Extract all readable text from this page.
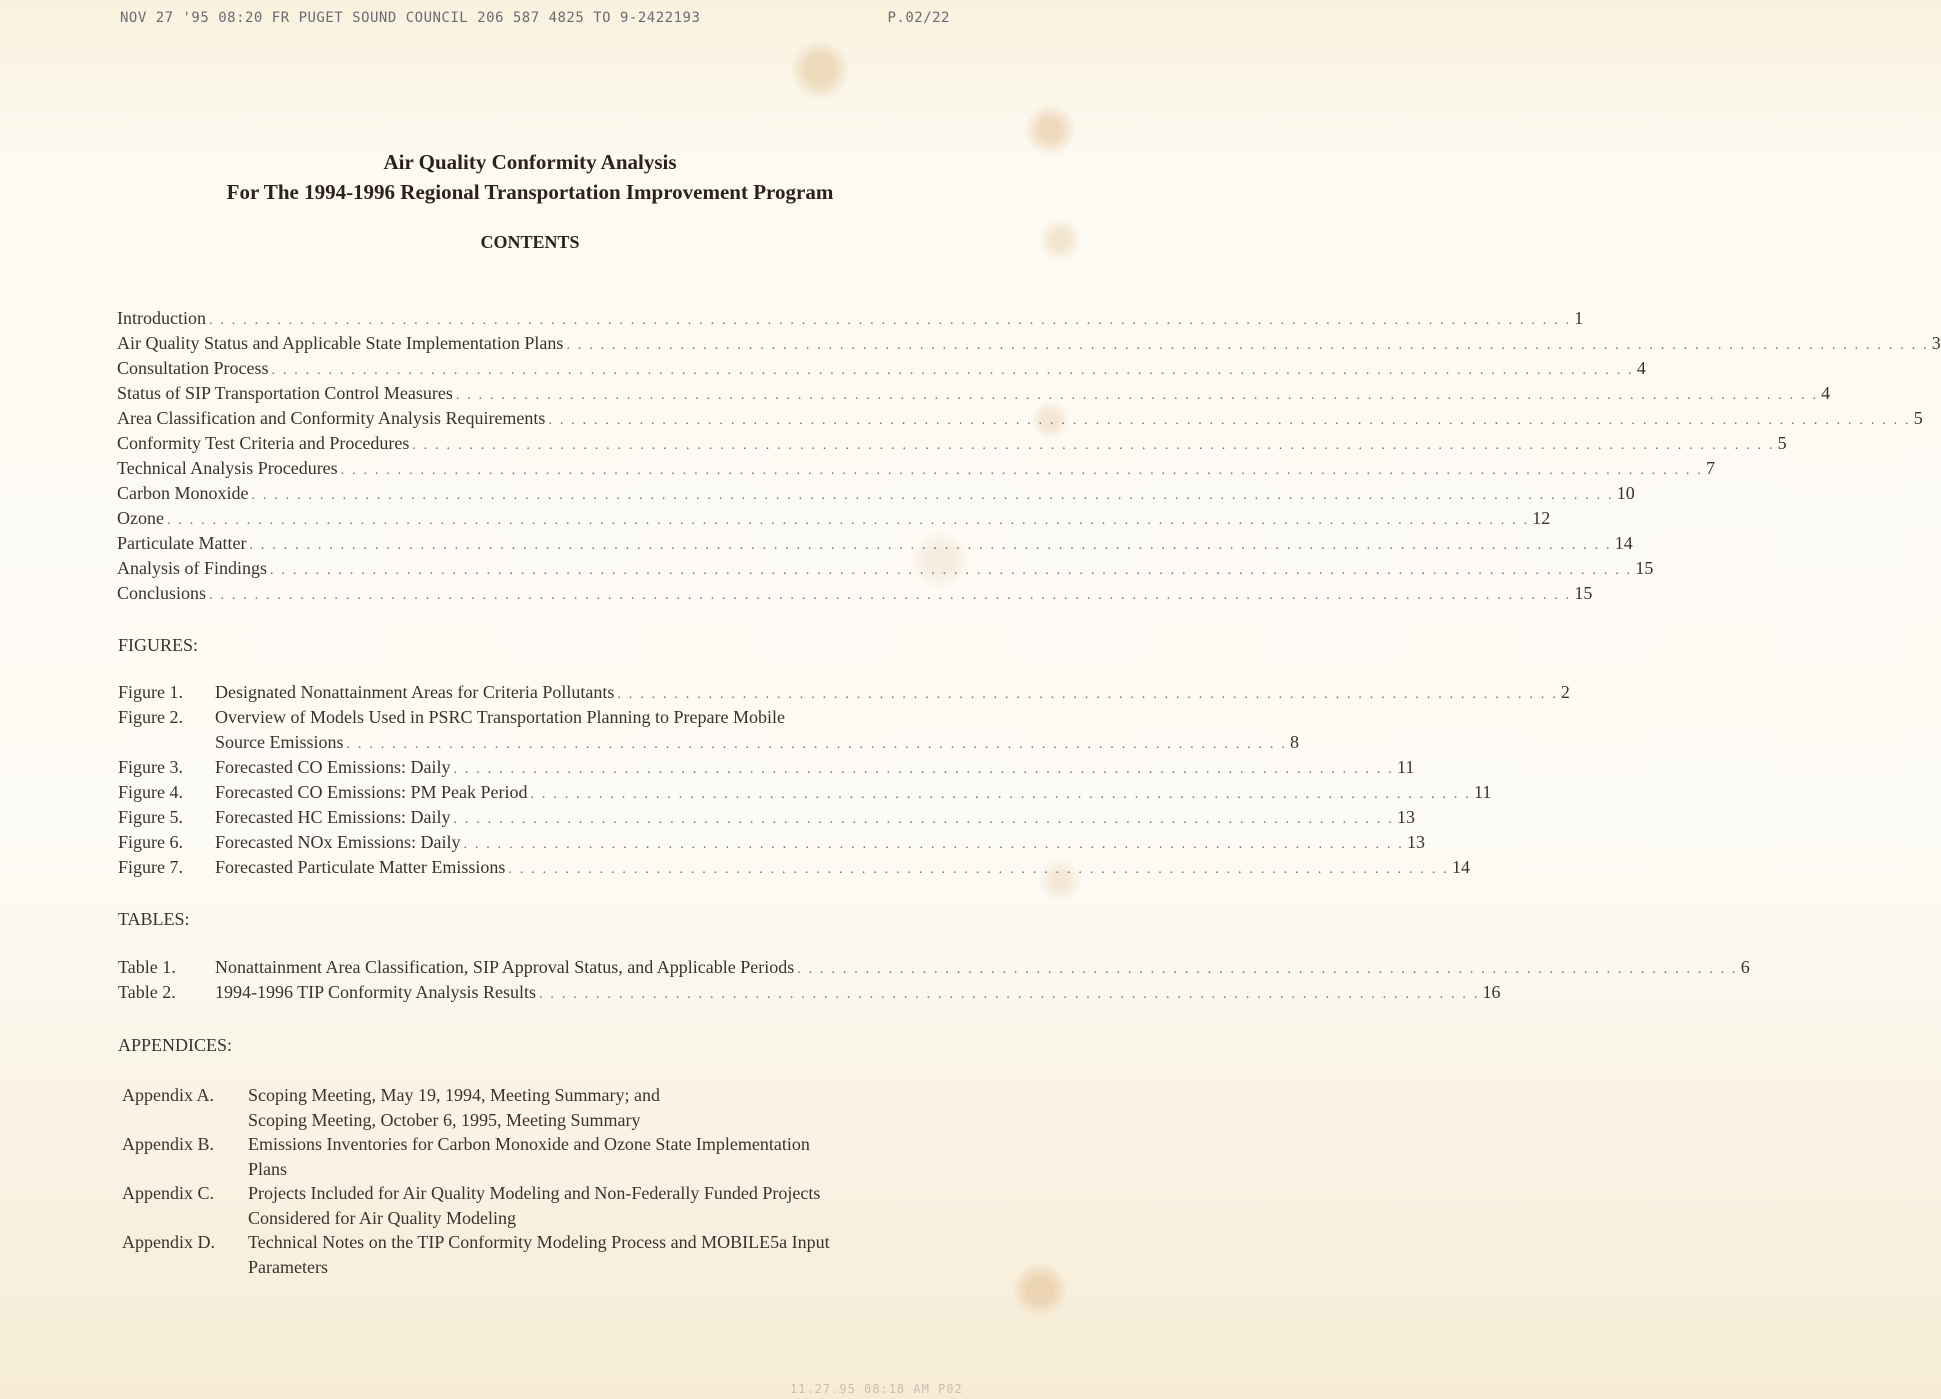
NOV 27 '95 08:20 FR PUGET SOUND COUNCIL 206 587 4825 TO 9-2422193	P.02/22
Air Quality Conformity Analysis
For The 1994-1996 Regional Transportation Improvement Program
CONTENTS
Introduction . . .	1
Air Quality Status and Applicable State Implementation Plans . . .	3
Consultation Process . . .	4
Status of SIP Transportation Control Measures . . .	4
Area Classification and Conformity Analysis Requirements . . .	5
Conformity Test Criteria and Procedures . . .	5
Technical Analysis Procedures . . .	7
Carbon Monoxide . . .	10
Ozone . . .	12
Particulate Matter . . .	14
Analysis of Findings . . .	15
Conclusions . . .	15
FIGURES:
Figure 1.	Designated Nonattainment Areas for Criteria Pollutants . . .	2
Figure 2.	Overview of Models Used in PSRC Transportation Planning to Prepare Mobile
Source Emissions . . .	8
Figure 3.	Forecasted CO Emissions: Daily . . .	11
Figure 4.	Forecasted CO Emissions: PM Peak Period . . .	11
Figure 5.	Forecasted HC Emissions: Daily . . .	13
Figure 6.	Forecasted NOx Emissions: Daily . . .	13
Figure 7.	Forecasted Particulate Matter Emissions . . .	14
TABLES:
Table 1.	Nonattainment Area Classification, SIP Approval Status, and Applicable Periods . . .	6
Table 2.	1994-1996 TIP Conformity Analysis Results . . .	16
APPENDICES:
Appendix A.	Scoping Meeting, May 19, 1994, Meeting Summary; and
Scoping Meeting, October 6, 1995, Meeting Summary
Appendix B.	Emissions Inventories for Carbon Monoxide and Ozone State Implementation
Plans
Appendix C.	Projects Included for Air Quality Modeling and Non-Federally Funded Projects
Considered for Air Quality Modeling
Appendix D.	Technical Notes on the TIP Conformity Modeling Process and MOBILE5a Input
Parameters
11.27.95 08:18 AM P02
